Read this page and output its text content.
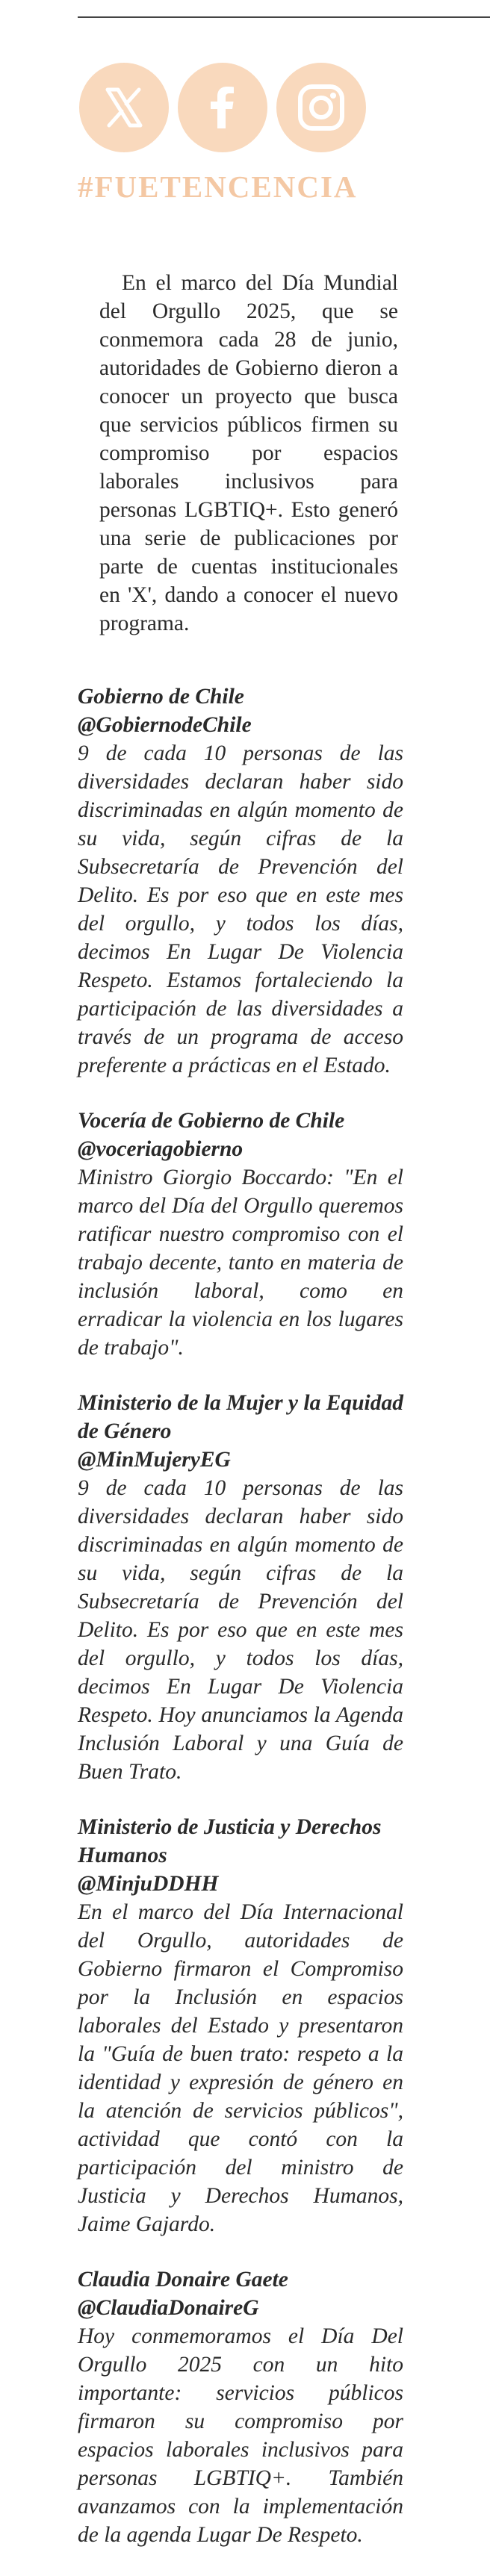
#FUETENCENCIA

En el marco del Día Mundial del Orgullo 2025, que se conmemora cada 28 de junio, autoridades de Gobierno dieron a conocer un proyecto que busca que servicios públicos firmen su compromiso por espacios laborales inclusivos para personas LGBTIQ+. Esto generó una serie de publicaciones por parte de cuentas institucionales en 'X', dando a conocer el nuevo programa.

Gobierno de Chile

@GobiernodeChile

9 de cada 10 personas de las diversidades declaran haber sido discriminadas en algún momento de su vida, según cifras de la Subsecretaría de Prevención del Delito. Es por eso que en este mes del orgullo, y todos los días, decimos En Lugar De Violencia Respeto. Estamos fortaleciendo la participación de las diversidades a través de un programa de acceso preferente a prácticas en el Estado.

Vocería de Gobierno de Chile

@voceriagobierno

Ministro Giorgio Boccardo: "En el marco del Día del Orgullo queremos ratificar nuestro compromiso con el trabajo decente, tanto en materia de inclusión laboral, como en erradicar la violencia en los lugares de trabajo".

Ministerio de la Mujer y la Equidad de Género

@MinMujeryEG

9 de cada 10 personas de las diversidades declaran haber sido discriminadas en algún momento de su vida, según cifras de la Subsecretaría de Prevención del Delito. Es por eso que en este mes del orgullo, y todos los días, decimos En Lugar De Violencia Respeto. Hoy anunciamos la Agenda Inclusión Laboral y una Guía de Buen Trato.

Ministerio de Justicia y Derechos Humanos

@MinjuDDHH

En el marco del Día Internacional del Orgullo, autoridades de Gobierno firmaron el Compromiso por la Inclusión en espacios laborales del Estado y presentaron la "Guía de buen trato: respeto a la identidad y expresión de género en la atención de servicios públicos", actividad que contó con la participación del ministro de Justicia y Derechos Humanos, Jaime Gajardo.

Claudia Donaire Gaete

@ClaudiaDonaireG

Hoy conmemoramos el Día Del Orgullo 2025 con un hito importante: servicios públicos firmaron su compromiso por espacios laborales inclusivos para personas LGBTIQ+. También avanzamos con la implementación de la agenda Lugar De Respeto.
